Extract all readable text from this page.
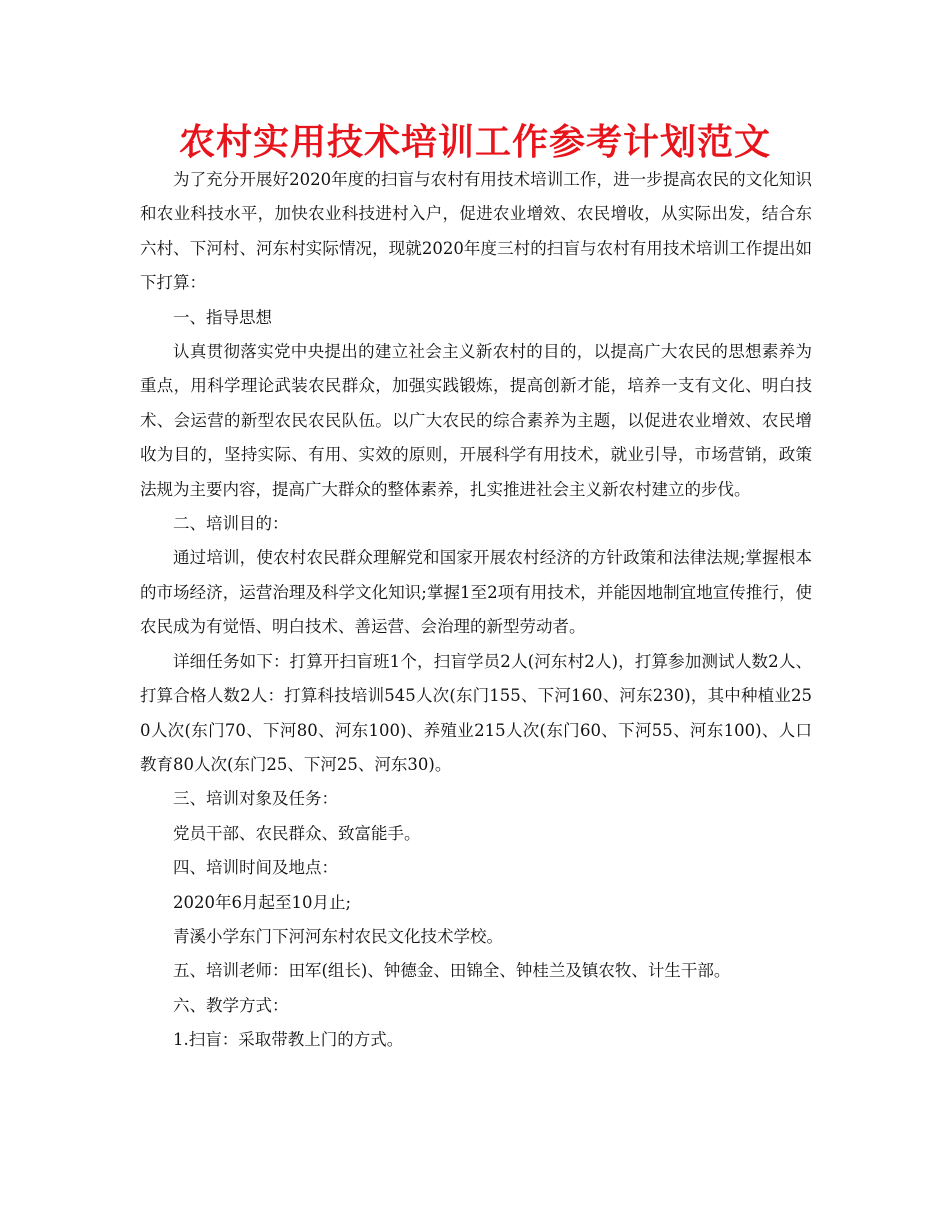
农村实用技术培训工作参考计划范文

为了充分开展好2020年度的扫盲与农村有用技术培训工作，进一步提高农民的文化知识和农业科技水平，加快农业科技进村入户，促进农业增效、农民增收，从实际出发，结合东六村、下河村、河东村实际情况，现就2020年度三村的扫盲与农村有用技术培训工作提出如下打算：

一、指导思想

认真贯彻落实党中央提出的建立社会主义新农村的目的，以提高广大农民的思想素养为重点，用科学理论武装农民群众，加强实践锻炼，提高创新才能，培养一支有文化、明白技术、会运营的新型农民农民队伍。以广大农民的综合素养为主题，以促进农业增效、农民增收为目的，坚持实际、有用、实效的原则，开展科学有用技术，就业引导，市场营销，政策法规为主要内容，提高广大群众的整体素养，扎实推进社会主义新农村建立的步伐。

二、培训目的：

通过培训，使农村农民群众理解党和国家开展农村经济的方针政策和法律法规;掌握根本的市场经济，运营治理及科学文化知识;掌握1至2项有用技术，并能因地制宜地宣传推行，使农民成为有觉悟、明白技术、善运营、会治理的新型劳动者。

详细任务如下：打算开扫盲班1个，扫盲学员2人(河东村2人)，打算参加测试人数2人、打算合格人数2人：打算科技培训545人次(东门155、下河160、河东230)，其中种植业250人次(东门70、下河80、河东100)、养殖业215人次(东门60、下河55、河东100)、人口教育80人次(东门25、下河25、河东30)。

三、培训对象及任务：

党员干部、农民群众、致富能手。

四、培训时间及地点：

2020年6月起至10月止;

青溪小学东门下河河东村农民文化技术学校。

五、培训老师：田军(组长)、钟德金、田锦全、钟桂兰及镇农牧、计生干部。

六、教学方式：

1.扫盲：采取带教上门的方式。
